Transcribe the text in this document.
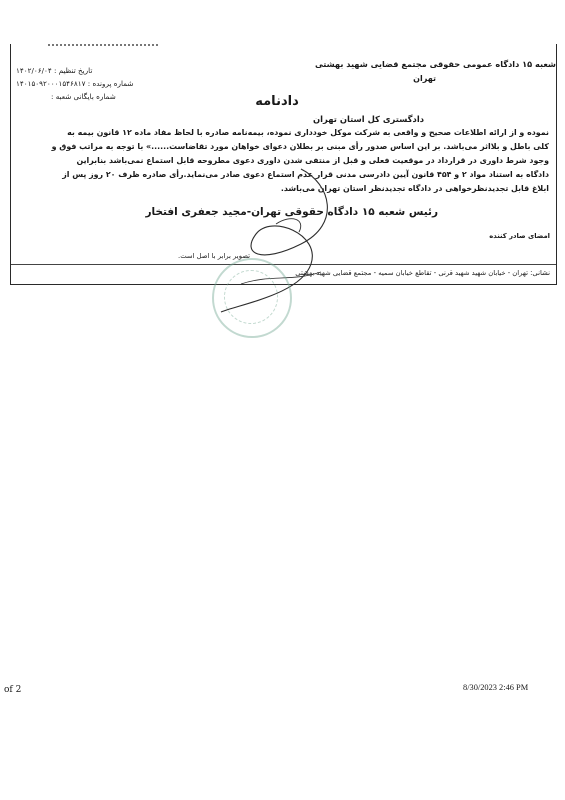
شعبه ۱۵ دادگاه عمومی حقوقی مجتمع قضایی شهید بهشتی
تهران
تاریخ تنظیم : ۱۴۰۲/۰۶/۰۴
شماره پرونده : ۱۴۰۱۵۰۹۲۰۰۰۱۵۴۶۸۱۷
شماره بایگانی شعبه :	دادنامه
دادگستری کل استان تهران

نموده و از ارائه اطلاعات صحیح و واقعی به شرکت موکل خودداری نموده، بیمه‌نامه صادره با لحاظ مفاد ماده ۱۲ قانون بیمه به

کلی باطل و بلااثر می‌باشد. بر این اساس صدور رأی مبنی بر بطلان دعوای خواهان مورد تقاضاست......» با توجه به مراتب فوق و

وجود شرط داوری در قرارداد در موقعیت فعلی و قبل از منتفی شدن داوری دعوی مطروحه قابل استماع نمی‌باشد بنابراین

دادگاه به استناد مواد ۲ و ۴۵۴ قانون آیین دادرسی مدنی قرار عدم استماع دعوی صادر می‌نماید.رأی صادره ظرف ۲۰ روز پس از

ابلاغ قابل تجدیدنظرخواهی در دادگاه تجدیدنظر استان تهران می‌باشد.

رئیس شعبه ۱۵ دادگاه حقوقی تهران-مجید جعفری افتخار
امضای صادر کننده
تصویر برابر با اصل است.
نشانی: تهران - خیابان شهید شهید قرنی - تقاطع خیابان سمیه - مجتمع قضایی شهید بهشتی
of 2	8/30/2023 2:46 PM
